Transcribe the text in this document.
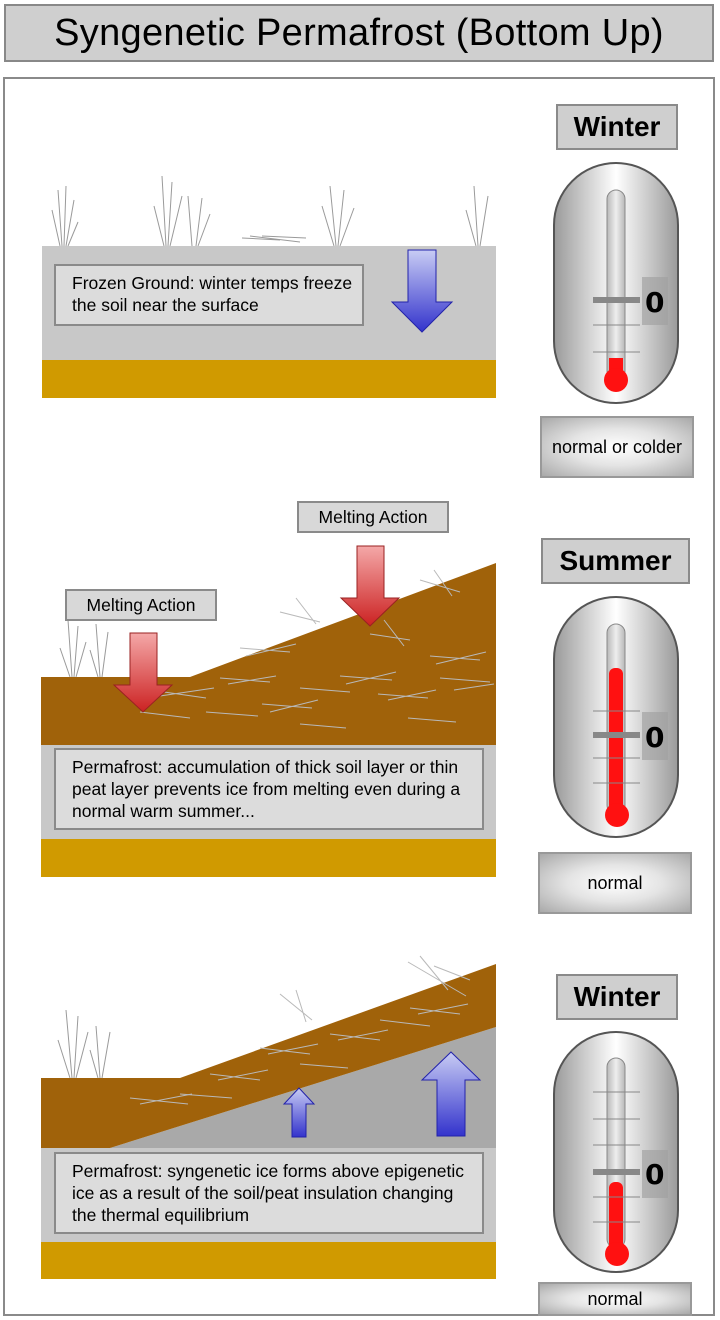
Syngenetic Permafrost (Bottom Up)
Winter
0
normal or colder
Frozen Ground: winter temps freeze the soil near the surface
Melting Action
Melting Action
Summer
0
normal
Permafrost: accumulation of thick soil layer or thin peat layer prevents ice from melting even during a normal warm summer...
Winter
0
normal
Permafrost: syngenetic ice forms above epigenetic ice as a result of the soil/peat insulation changing the thermal equilibrium
